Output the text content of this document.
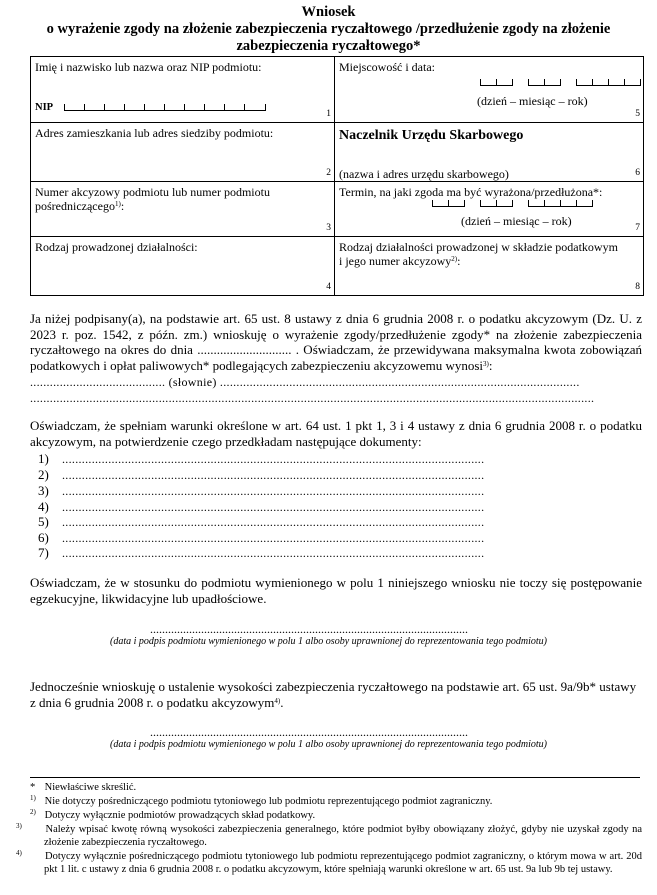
Wniosek
o wyrażenie zgody na złożenie zabezpieczenia ryczałtowego /przedłużenie zgody na złożenie
zabezpieczenia ryczałtowego*
Imię i nazwisko lub nazwa oraz NIP podmiotu:
NIP
1
Miejscowość i data:
(dzień – miesiąc – rok)
5
Adres zamieszkania lub adres siedziby podmiotu:
2
Naczelnik Urzędu Skarbowego
(nazwa i adres urzędu skarbowego)	6
Numer akcyzowy podmiotu lub numer podmiotu
pośredniczącego$^{1)}$:
3
Termin, na jaki zgoda ma być wyrażona/przedłużona*:
(dzień – miesiąc – rok)	7
Rodzaj prowadzonej działalności:
4
Rodzaj działalności prowadzonej w składzie podatkowym
i jego numer akcyzowy$^{2)}$:
8
Ja niżej podpisany(a), na podstawie art. 65 ust. 8 ustawy z dnia 6 grudnia 2008 r. o podatku akcyzowym (Dz. U. z 2023 r. poz. 1542, z późn. zm.) wnioskuję o wyrażenie zgody/przedłużenie zgody* na złożenie zabezpieczenia ryczałtowego na okres do dnia ............................. . Oświadczam, że przewidywana maksymalna kwota zobowiązań podatkowych i opłat paliwowych* podlegających zabezpieczeniu akcyzowemu wynosi$^{3)}$:
......................................... (słownie) .............................................................................................................
...........................................................................................................................................................................
Oświadczam, że spełniam warunki określone w art. 64 ust. 1 pkt 1, 3 i 4 ustawy z dnia 6 grudnia 2008 r. o podatku akcyzowym, na potwierdzenie czego przedkładam następujące dokumenty:
1) ................................................................................................................................
2) ................................................................................................................................
3) ................................................................................................................................
4) ................................................................................................................................
5) ................................................................................................................................
6) ................................................................................................................................
7) ................................................................................................................................
Oświadczam, że w stosunku do podmiotu wymienionego w polu 1 niniejszego wniosku nie toczy się postępowanie egzekucyjne, likwidacyjne lub upadłościowe.
..........................................................................................................
(data i podpis podmiotu wymienionego w polu 1 albo osoby uprawnionej do reprezentowania tego podmiotu)
Jednocześnie wnioskuję o ustalenie wysokości zabezpieczenia ryczałtowego na podstawie art. 65 ust. 9a/9b* ustawy z dnia 6 grudnia 2008 r. o podatku akcyzowym$^{4)}$.
..........................................................................................................
(data i podpis podmiotu wymienionego w polu 1 albo osoby uprawnionej do reprezentowania tego podmiotu)
* Niewłaściwe skreślić.
$^{1)}$ Nie dotyczy pośredniczącego podmiotu tytoniowego lub podmiotu reprezentującego podmiot zagraniczny.
$^{2)}$ Dotyczy wyłącznie podmiotów prowadzących skład podatkowy.
$^{3)}$ Należy wpisać kwotę równą wysokości zabezpieczenia generalnego, które podmiot byłby obowiązany złożyć, gdyby nie uzyskał zgody na złożenie zabezpieczenia ryczałtowego.
$^{4)}$ Dotyczy wyłącznie pośredniczącego podmiotu tytoniowego lub podmiotu reprezentującego podmiot zagraniczny, o którym mowa w art. 20d pkt 1 lit. c ustawy z dnia 6 grudnia 2008 r. o podatku akcyzowym, które spełniają warunki określone w art. 65 ust. 9a lub 9b tej ustawy.
